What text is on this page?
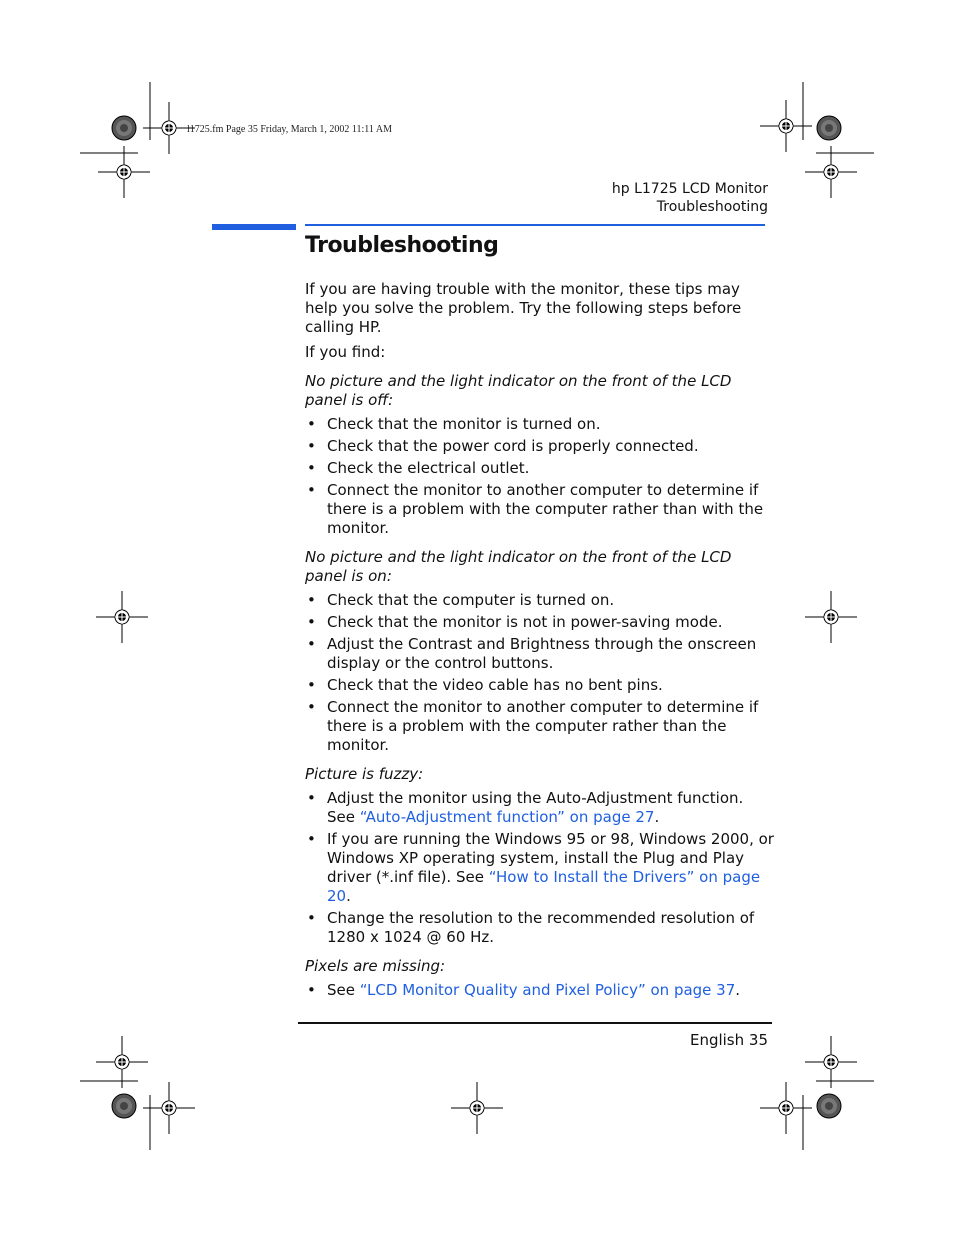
l1725.fm Page 35 Friday, March 1, 2002 11:11 AM
hp L1725 LCD Monitor
Troubleshooting
Troubleshooting

If you are having trouble with the monitor, these tips may help you solve the problem. Try the following steps before calling HP.

If you find:

No picture and the light indicator on the front of the LCD panel is off:

• Check that the monitor is turned on.
• Check that the power cord is properly connected.
• Check the electrical outlet.
• Connect the monitor to another computer to determine if there is a problem with the computer rather than with the monitor.

No picture and the light indicator on the front of the LCD panel is on:

• Check that the computer is turned on.
• Check that the monitor is not in power-saving mode.
• Adjust the Contrast and Brightness through the onscreen display or the control buttons.
• Check that the video cable has no bent pins.
• Connect the monitor to another computer to determine if there is a problem with the computer rather than the monitor.

Picture is fuzzy:

• Adjust the monitor using the Auto-Adjustment function. See “Auto-Adjustment function” on page 27.
• If you are running the Windows 95 or 98, Windows 2000, or Windows XP operating system, install the Plug and Play driver (*.inf file). See “How to Install the Drivers” on page 20.
• Change the resolution to the recommended resolution of 1280 x 1024 @ 60 Hz.

Pixels are missing:

• See “LCD Monitor Quality and Pixel Policy” on page 37.
English 35
